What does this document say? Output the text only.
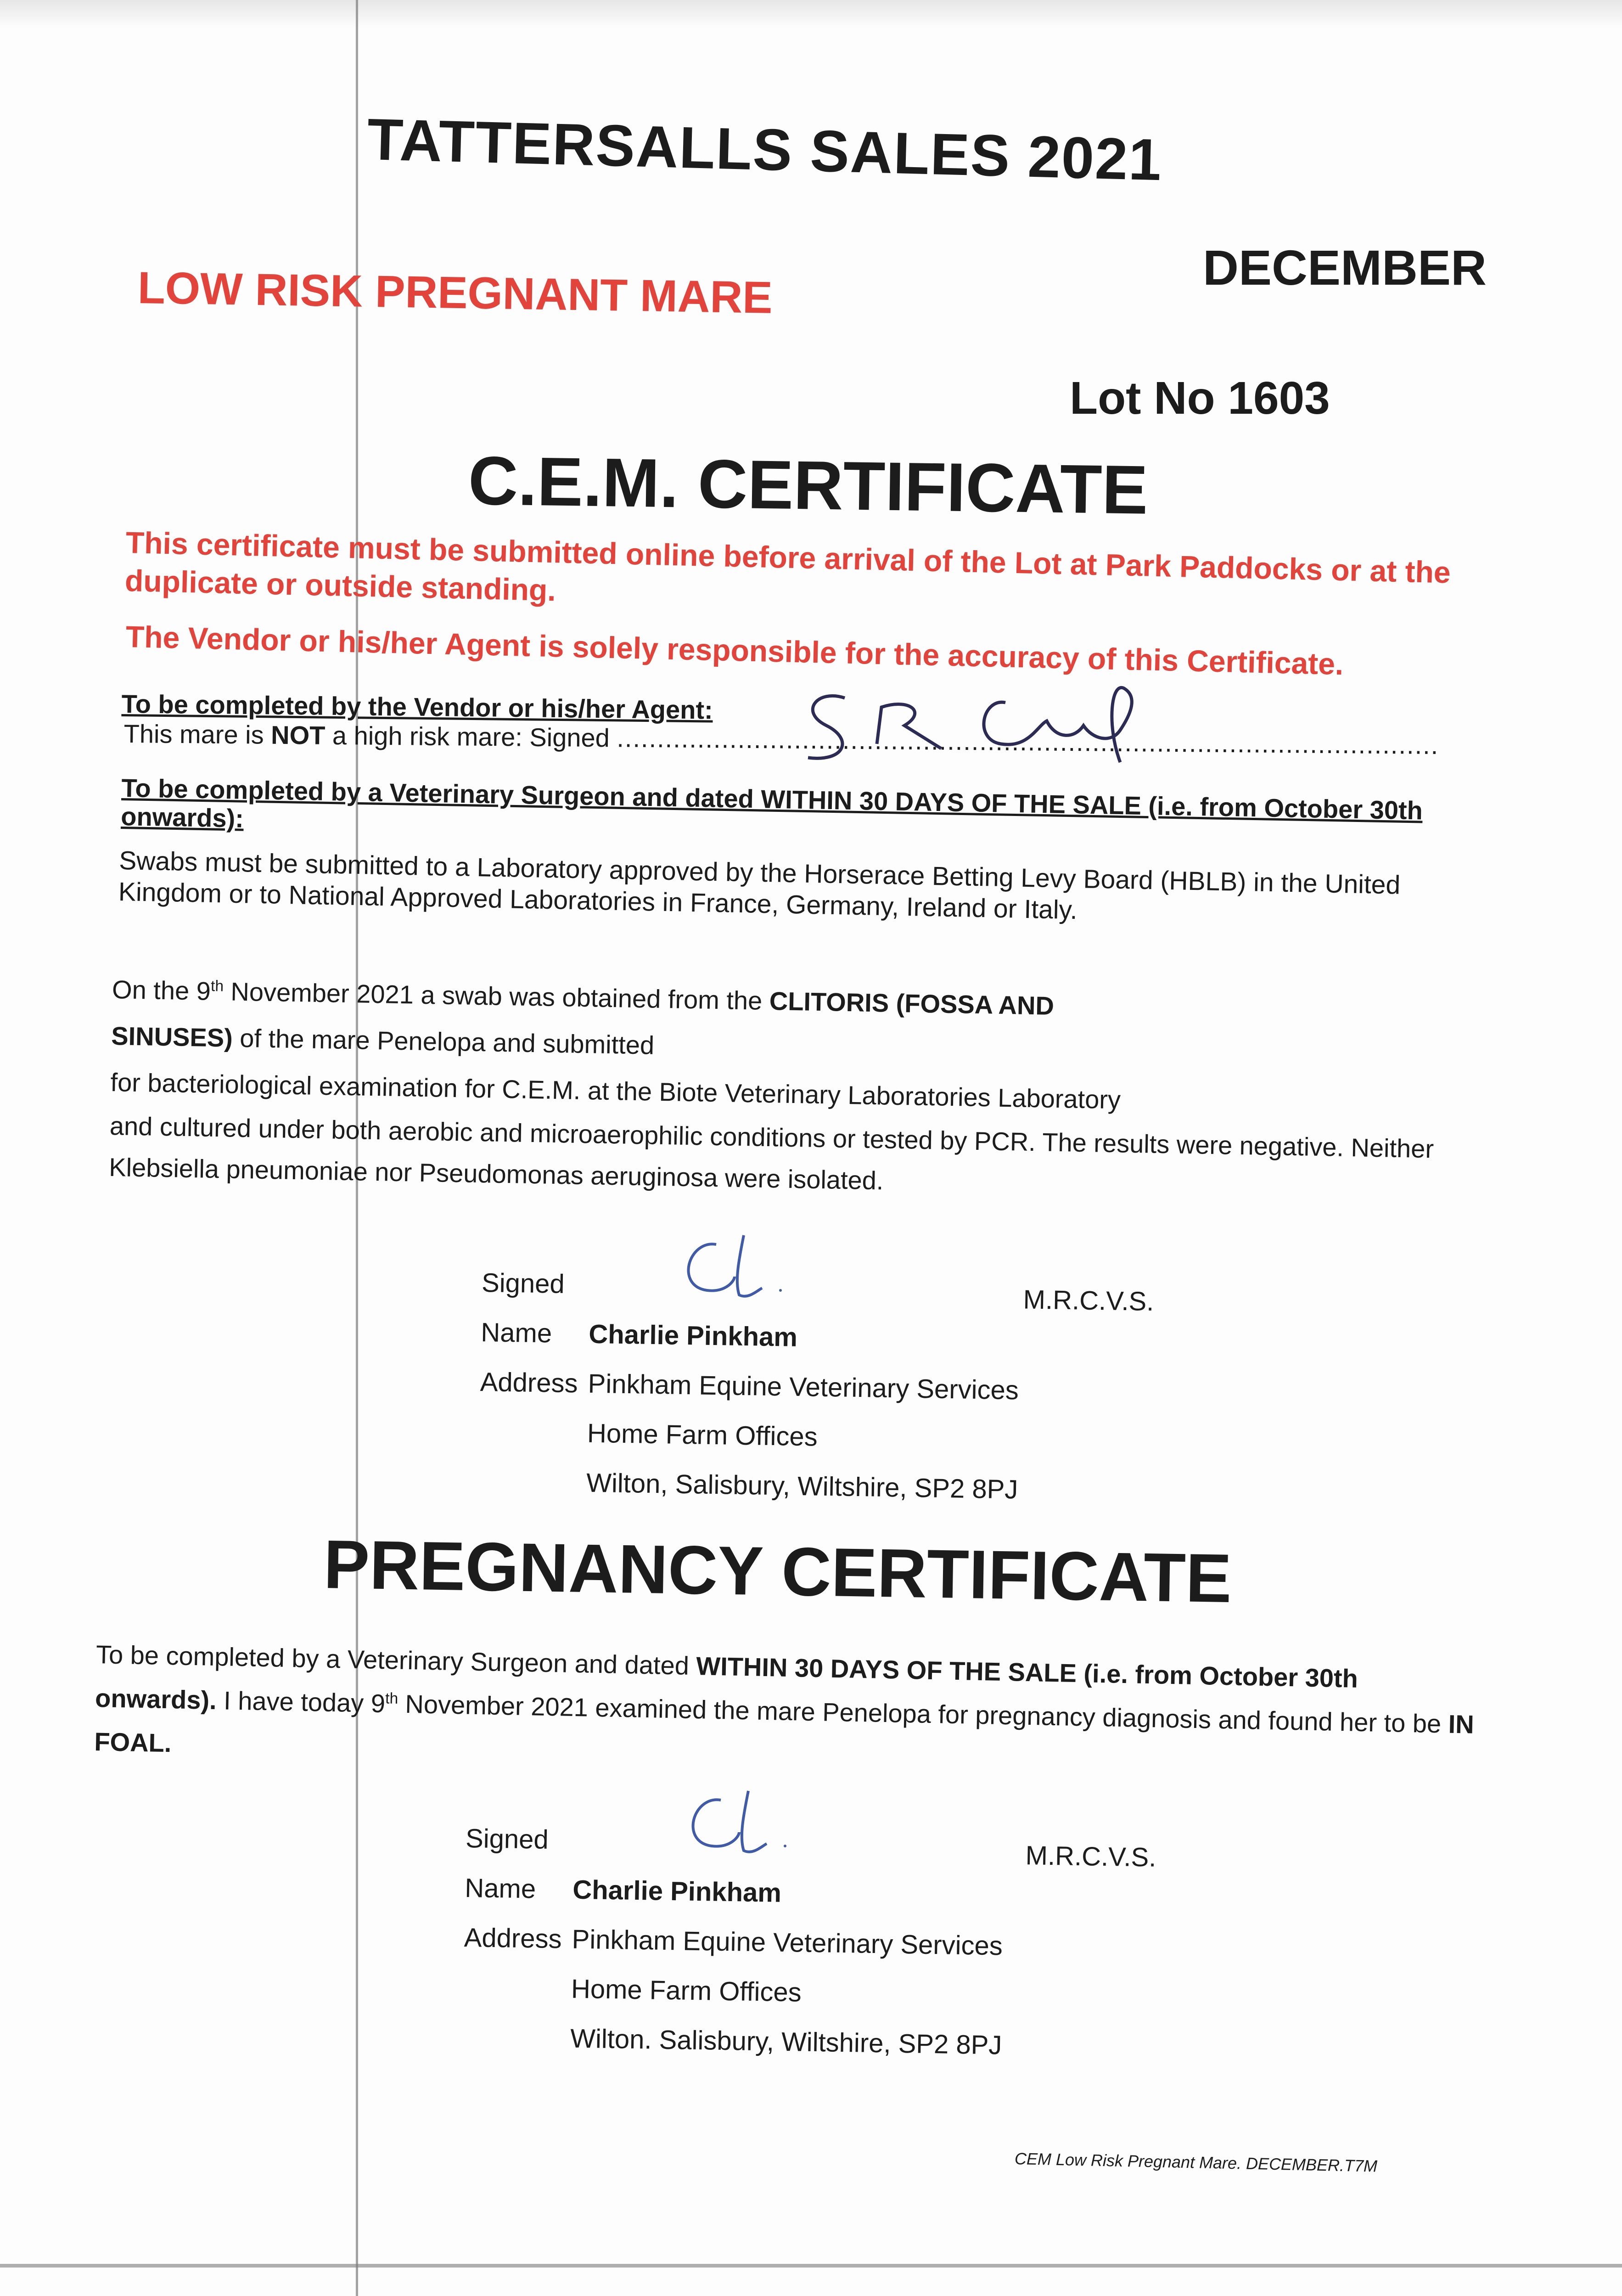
TATTERSALLS SALES 2021
DECEMBER
LOW RISK PREGNANT MARE
Lot No 1603
C.E.M. CERTIFICATE
This certificate must be submitted online before arrival of the Lot at Park Paddocks or at the duplicate or outside standing.
The Vendor or his/her Agent is solely responsible for the accuracy of this Certificate.
To be completed by the Vendor or his/her Agent:
This mare is NOT a high risk mare: Signed ......................................................................................................
To be completed by a Veterinary Surgeon and dated WITHIN 30 DAYS OF THE SALE (i.e. from October 30th onwards):
Swabs must be submitted to a Laboratory approved by the Horserace Betting Levy Board (HBLB) in the United Kingdom or to National Approved Laboratories in France, Germany, Ireland or Italy.

On the 9th November 2021 a swab was obtained from the CLITORIS (FOSSA AND

SINUSES) of the mare Penelopa and submitted

for bacteriological examination for C.E.M. at the Biote Veterinary Laboratories Laboratory

and cultured under both aerobic and microaerophilic conditions or tested by PCR. The results were negative. Neither Klebsiella pneumoniae nor Pseudomonas aeruginosa were isolated.

Signed
M.R.C.V.S.
Name Charlie Pinkham
Address Pinkham Equine Veterinary Services
Home Farm Offices
Wilton, Salisbury, Wiltshire, SP2 8PJ
PREGNANCY CERTIFICATE
To be completed by a Veterinary Surgeon and dated WITHIN 30 DAYS OF THE SALE (i.e. from October 30th onwards). I have today 9th November 2021 examined the mare Penelopa for pregnancy diagnosis and found her to be IN FOAL.
Signed
M.R.C.V.S.
Name Charlie Pinkham
Address Pinkham Equine Veterinary Services
Home Farm Offices
Wilton. Salisbury, Wiltshire, SP2 8PJ
CEM Low Risk Pregnant Mare. DECEMBER.T7M
